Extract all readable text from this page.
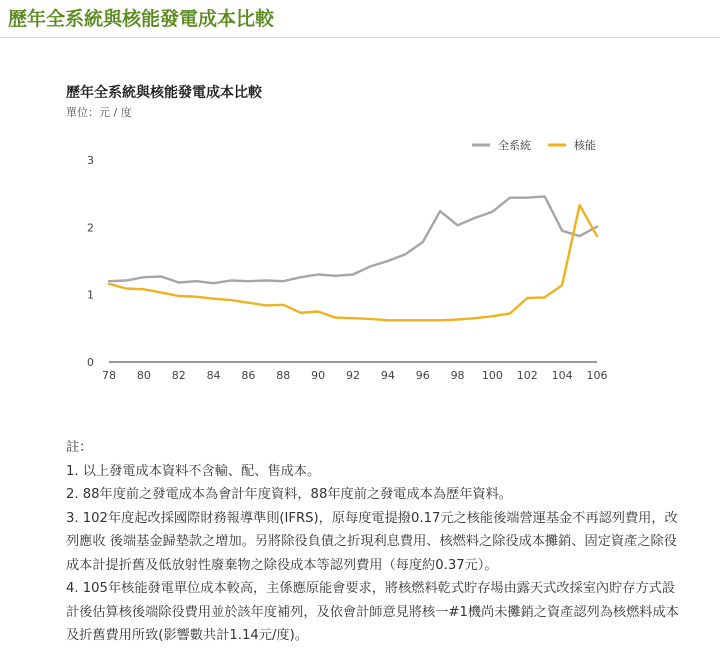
歷年全系統與核能發電成本比較
歷年全系統與核能發電成本比較

單位：元 / 度

0
1
2
3
78 80 82 84 86 88 90 92 94 96 98 100 102 104 106
全系統	核能

註：

1. 以上發電成本資料不含輸、配、售成本。

2. 88年度前之發電成本為會計年度資料，88年度前之發電成本為歷年資料。

3. 102年度起改採國際財務報導準則(IFRS)，原每度電提撥0.17元之核能後端營運基金不再認列費用，改列應收 後端基金歸墊款之增加。另將除役負債之折現利息費用、核燃料之除役成本攤銷、固定資產之除役成本計提折舊及低放射性廢棄物之除役成本等認列費用（每度約0.37元）。

4. 105年核能發電單位成本較高，主係應原能會要求，將核燃料乾式貯存場由露天式改採室內貯存方式設計後估算核後端除役費用並於該年度補列，及依會計師意見將核一#1機尚未攤銷之資產認列為核燃料成本及折舊費用所致(影響數共計1.14元/度)。
